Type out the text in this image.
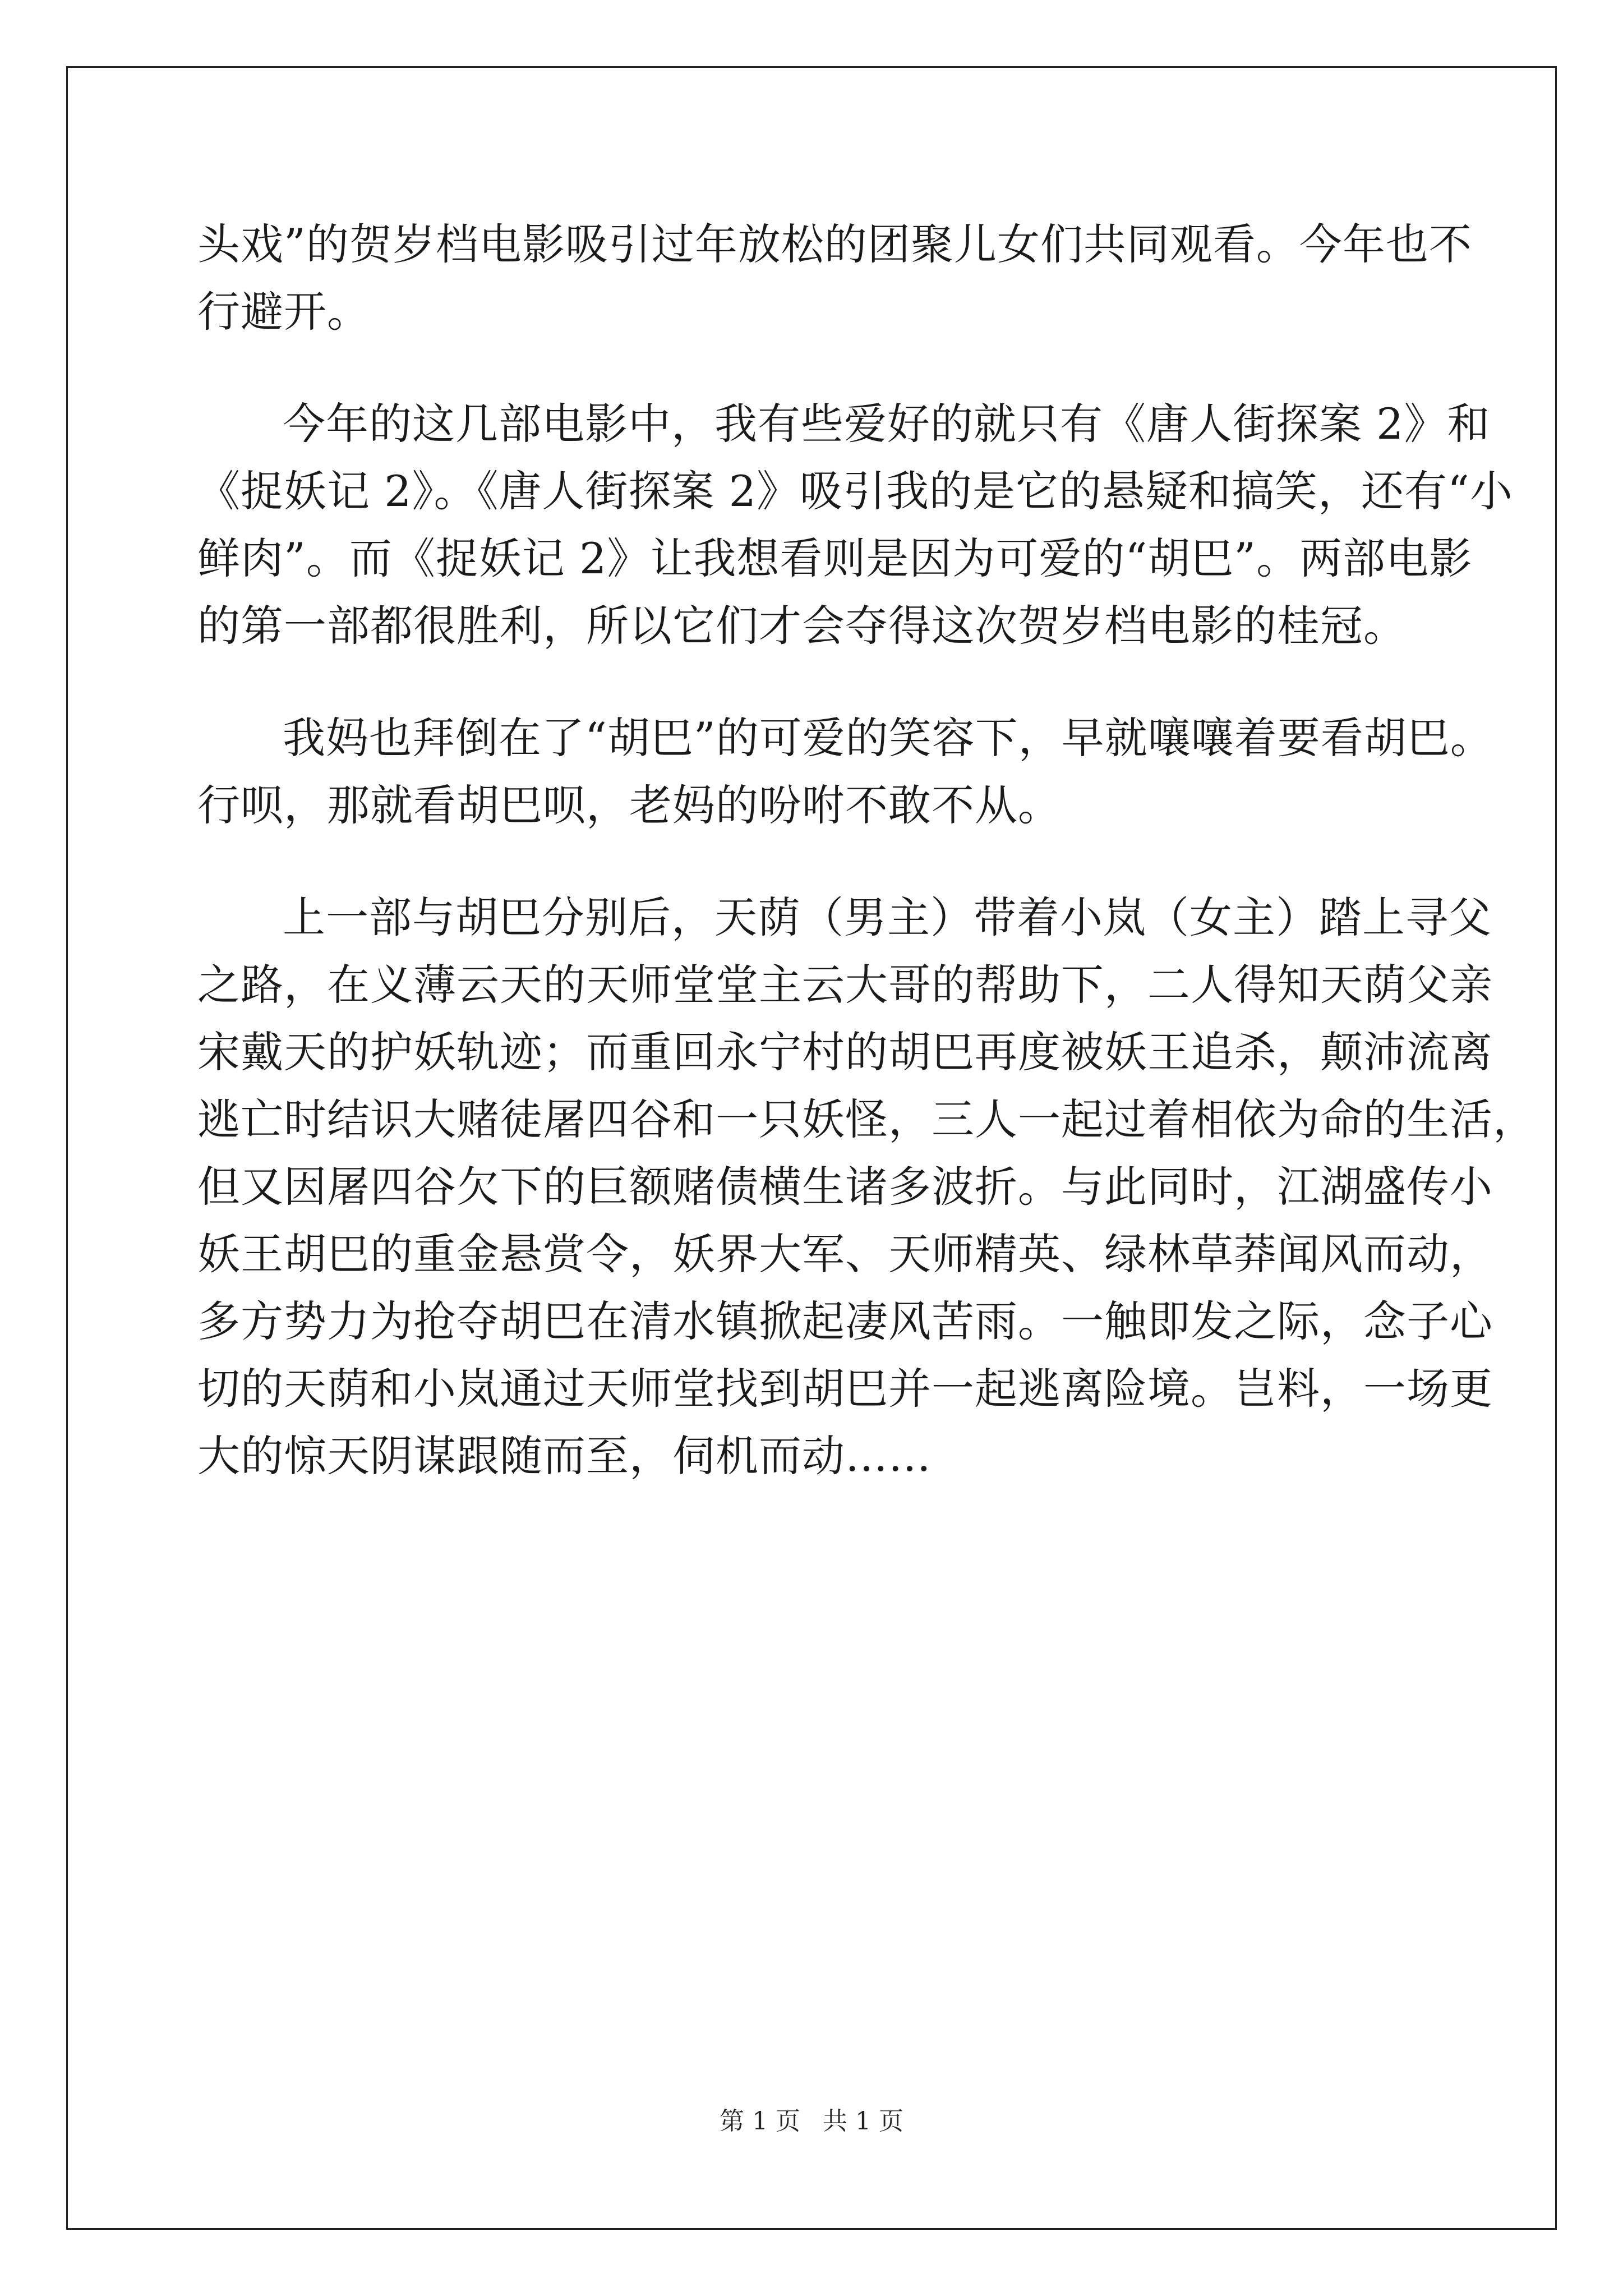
头戏”的贺岁档电影吸引过年放松的团聚儿女们共同观看。今年也不
行避开。
今年的这几部电影中，我有些爱好的就只有《唐人街探案 2》和
《捉妖记 2》。《唐人街探案 2》吸引我的是它的悬疑和搞笑，还有“小
鲜肉”。而《捉妖记 2》让我想看则是因为可爱的“胡巴”。两部电影
的第一部都很胜利，所以它们才会夺得这次贺岁档电影的桂冠。
我妈也拜倒在了“胡巴”的可爱的笑容下，早就嚷嚷着要看胡巴。
行呗，那就看胡巴呗，老妈的吩咐不敢不从。
上一部与胡巴分别后，天荫（男主）带着小岚（女主）踏上寻父
之路，在义薄云天的天师堂堂主云大哥的帮助下，二人得知天荫父亲
宋戴天的护妖轨迹；而重回永宁村的胡巴再度被妖王追杀，颠沛流离
逃亡时结识大赌徒屠四谷和一只妖怪，三人一起过着相依为命的生活，
但又因屠四谷欠下的巨额赌债横生诸多波折。与此同时，江湖盛传小
妖王胡巴的重金悬赏令，妖界大军、天师精英、绿林草莽闻风而动，
多方势力为抢夺胡巴在清水镇掀起凄风苦雨。一触即发之际，念子心
切的天荫和小岚通过天师堂找到胡巴并一起逃离险境。岂料，一场更
大的惊天阴谋跟随而至，伺机而动……
第 1 页 共 1 页
